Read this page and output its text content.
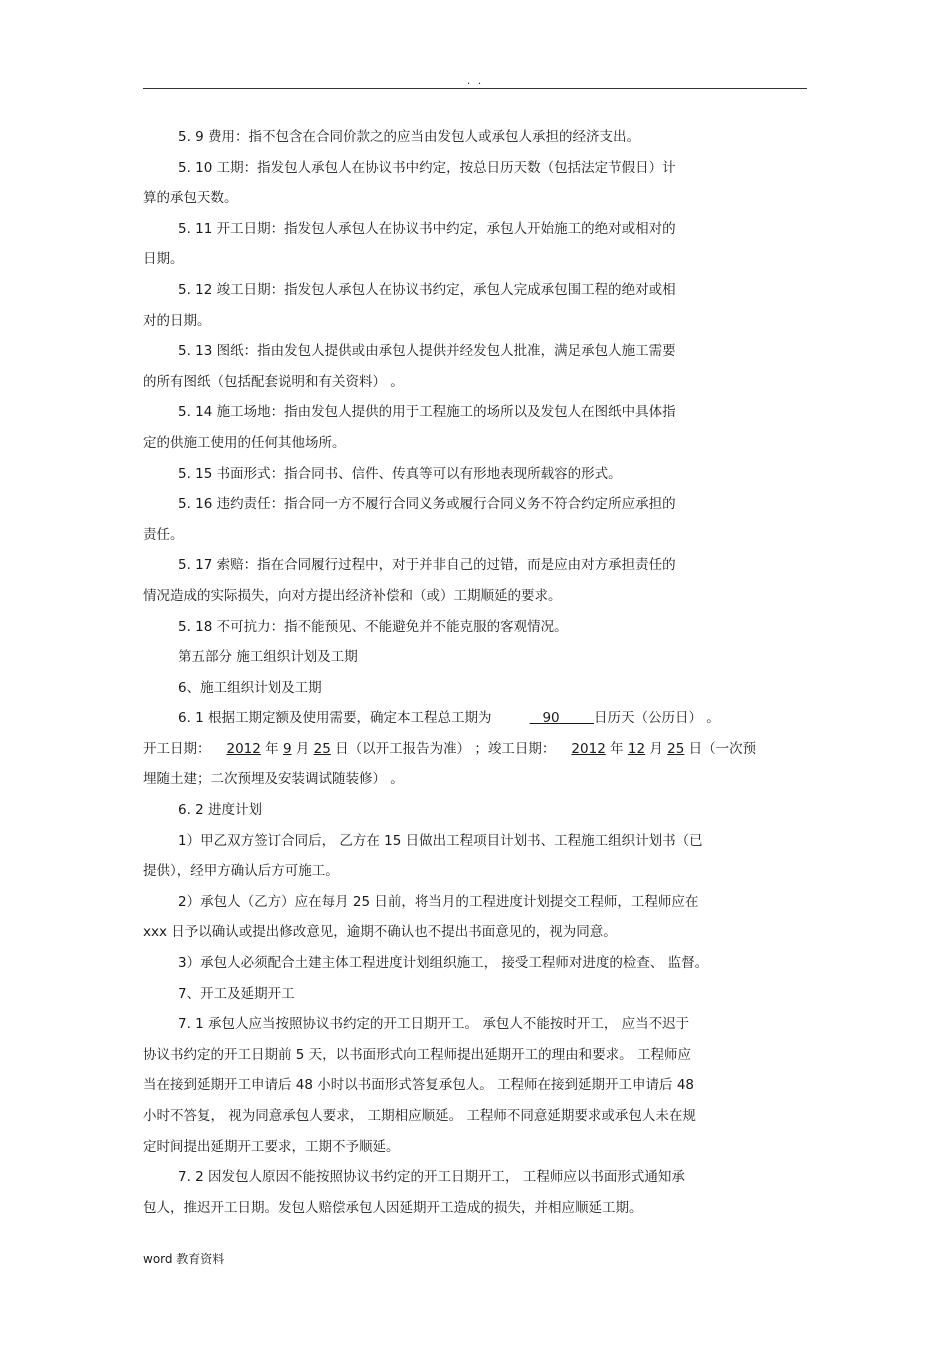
. .
5. 9 费用：指不包含在合同价款之的应当由发包人或承包人承担的经济支出。
5. 10 工期：指发包人承包人在协议书中约定，按总日历天数（包括法定节假日）计
算的承包天数。
5. 11 开工日期：指发包人承包人在协议书中约定，承包人开始施工的绝对或相对的
日期。
5. 12 竣工日期：指发包人承包人在协议书约定，承包人完成承包围工程的绝对或相
对的日期。
5. 13 图纸：指由发包人提供或由承包人提供并经发包人批准，满足承包人施工需要
的所有图纸（包括配套说明和有关资料） 。
5. 14 施工场地：指由发包人提供的用于工程施工的场所以及发包人在图纸中具体指
定的供施工使用的任何其他场所。
5. 15 书面形式：指合同书、信件、传真等可以有形地表现所载容的形式。
5. 16 违约责任：指合同一方不履行合同义务或履行合同义务不符合约定所应承担的
责任。
5. 17 索赔：指在合同履行过程中，对于并非自己的过错，而是应由对方承担责任的
情况造成的实际损失，向对方提出经济补偿和（或）工期顺延的要求。
5. 18 不可抗力：指不能预见、不能避免并不能克服的客观情况。
第五部分 施工组织计划及工期
6、施工组织计划及工期
6. 1 根据工期定额及使用需要，确定本工程总工期为	90	日历天（公历日） 。
开工日期： 2012 年 9 月 25 日（以开工报告为准） ；竣工日期： 2012 年 12 月 25 日（一次预
埋随土建；二次预埋及安装调试随装修） 。
6. 2 进度计划
1）甲乙双方签订合同后， 乙方在 15 日做出工程项目计划书、工程施工组织计划书（已
提供），经甲方确认后方可施工。
2）承包人（乙方）应在每月 25 日前，将当月的工程进度计划提交工程师，工程师应在
xxx 日予以确认或提出修改意见，逾期不确认也不提出书面意见的，视为同意。
3）承包人必须配合土建主体工程进度计划组织施工， 接受工程师对进度的检查、 监督。
7、开工及延期开工
7. 1 承包人应当按照协议书约定的开工日期开工。 承包人不能按时开工， 应当不迟于
协议书约定的开工日期前 5 天，以书面形式向工程师提出延期开工的理由和要求。 工程师应
当在接到延期开工申请后 48 小时以书面形式答复承包人。 工程师在接到延期开工申请后 48
小时不答复， 视为同意承包人要求， 工期相应顺延。 工程师不同意延期要求或承包人未在规
定时间提出延期开工要求，工期不予顺延。
7. 2 因发包人原因不能按照协议书约定的开工日期开工， 工程师应以书面形式通知承
包人，推迟开工日期。发包人赔偿承包人因延期开工造成的损失，并相应顺延工期。
word 教育资料
